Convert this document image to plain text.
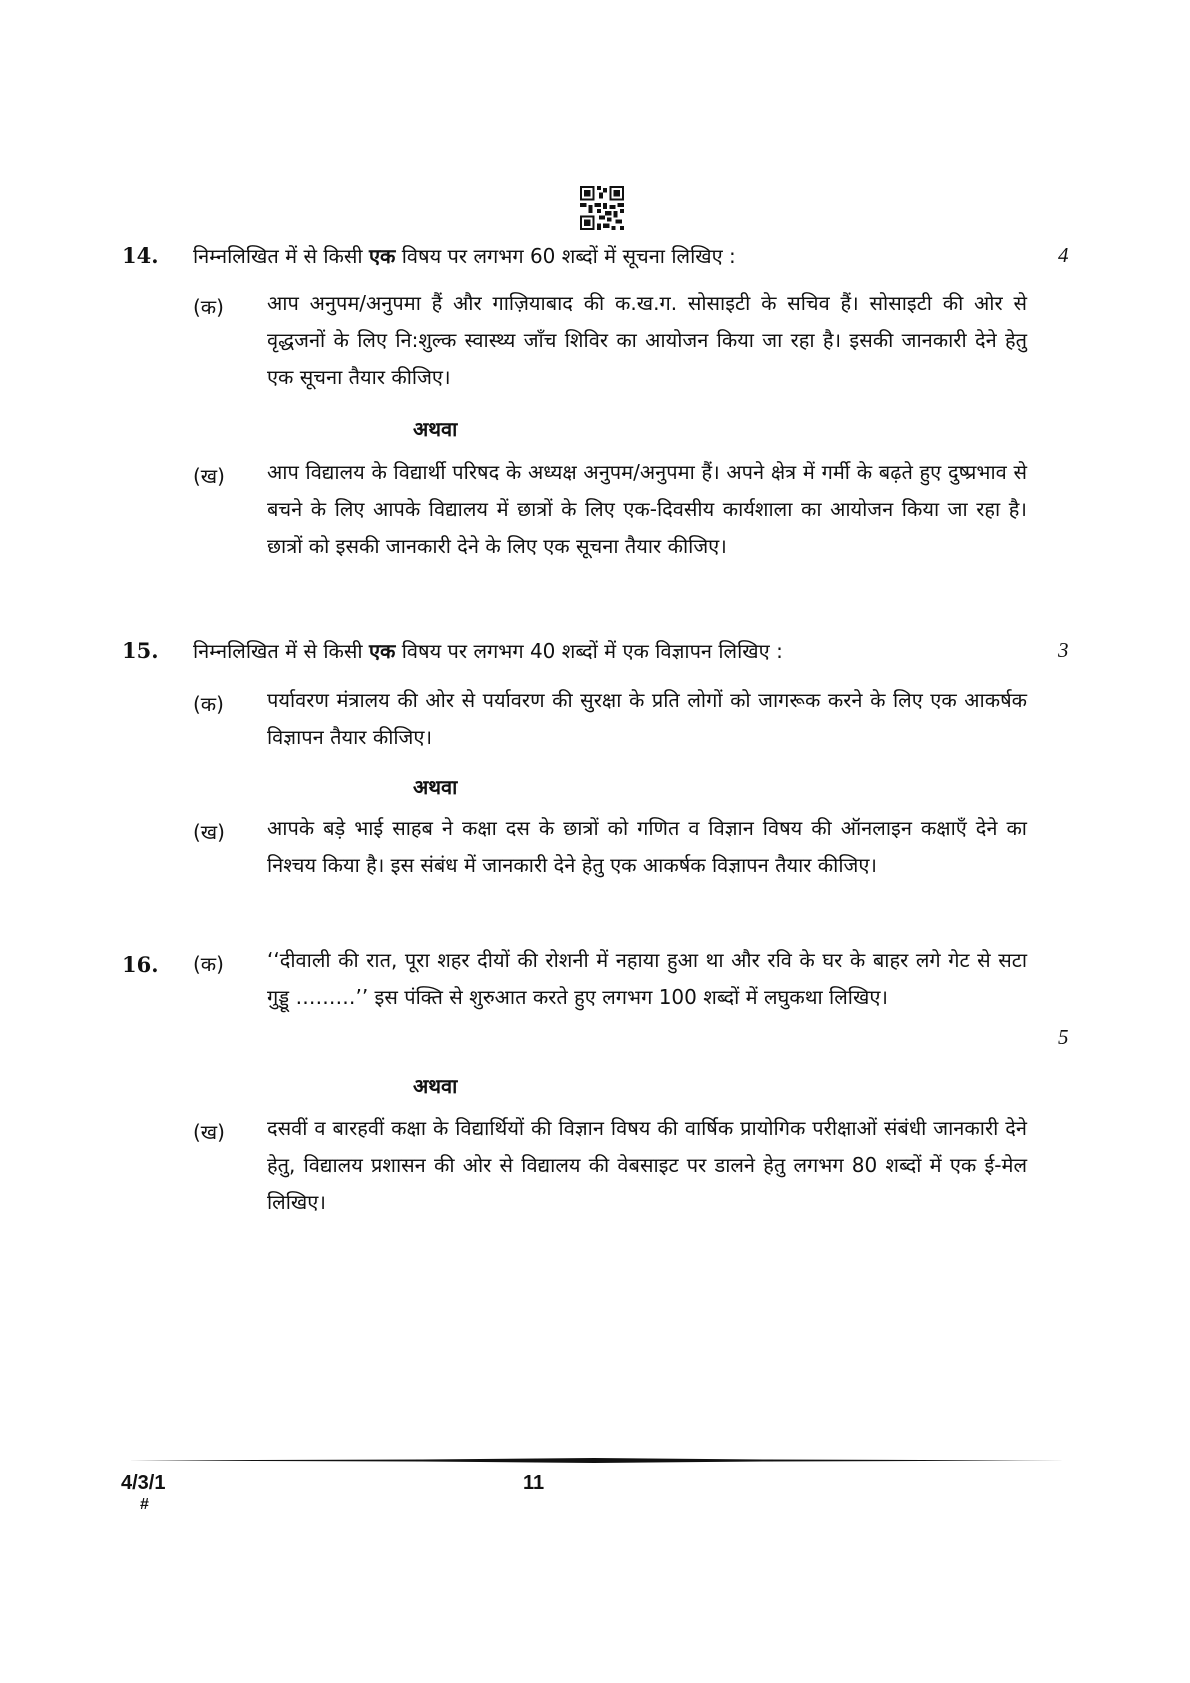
14. निम्नलिखित में से किसी एक विषय पर लगभग 60 शब्दों में सूचना लिखिए :	4
(क) आप अनुपम/अनुपमा हैं और गाज़ियाबाद की क.ख.ग. सोसाइटी के सचिव हैं। सोसाइटी की ओर से वृद्धजनों के लिए नि:शुल्क स्वास्थ्य जाँच शिविर का आयोजन किया जा रहा है। इसकी जानकारी देने हेतु एक सूचना तैयार कीजिए।
अथवा
(ख) आप विद्यालय के विद्यार्थी परिषद के अध्यक्ष अनुपम/अनुपमा हैं। अपने क्षेत्र में गर्मी के बढ़ते हुए दुष्प्रभाव से बचने के लिए आपके विद्यालय में छात्रों के लिए एक-दिवसीय कार्यशाला का आयोजन किया जा रहा है। छात्रों को इसकी जानकारी देने के लिए एक सूचना तैयार कीजिए।
15. निम्नलिखित में से किसी एक विषय पर लगभग 40 शब्दों में एक विज्ञापन लिखिए :	3
(क) पर्यावरण मंत्रालय की ओर से पर्यावरण की सुरक्षा के प्रति लोगों को जागरूक करने के लिए एक आकर्षक विज्ञापन तैयार कीजिए।
अथवा
(ख) आपके बड़े भाई साहब ने कक्षा दस के छात्रों को गणित व विज्ञान विषय की ऑनलाइन कक्षाएँ देने का निश्चय किया है। इस संबंध में जानकारी देने हेतु एक आकर्षक विज्ञापन तैयार कीजिए।
16.
5
(क) ‘‘दीवाली की रात, पूरा शहर दीयों की रोशनी में नहाया हुआ था और रवि के घर के बाहर लगे गेट से सटा गुड्डू ………’’ इस पंक्ति से शुरुआत करते हुए लगभग 100 शब्दों में लघुकथा लिखिए।
अथवा
(ख) दसवीं व बारहवीं कक्षा के विद्यार्थियों की विज्ञान विषय की वार्षिक प्रायोगिक परीक्षाओं संबंधी जानकारी देने हेतु, विद्यालय प्रशासन की ओर से विद्यालय की वेबसाइट पर डालने हेतु लगभग 80 शब्दों में एक ई-मेल लिखिए।
4/3/1
#
11
